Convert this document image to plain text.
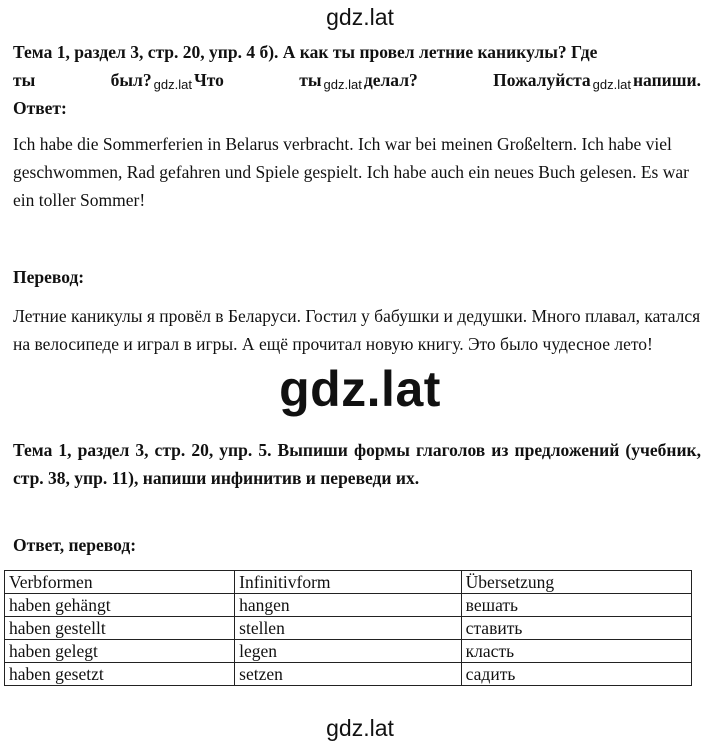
gdz.lat
Тема 1, раздел 3, стр. 20, упр. 4 б). А как ты провел летние каникулы? Где
ты	был? gdz.lat Что	ты gdz.lat делал?	Пожалуйста gdz.lat напиши.
Ответ:
Ich habe die Sommerferien in Belarus verbracht. Ich war bei meinen Großeltern. Ich habe viel geschwommen, Rad gefahren und Spiele gespielt. Ich habe auch ein neues Buch gelesen. Es war ein toller Sommer!
Перевод:
Летние каникулы я провёл в Беларуси. Гостил у бабушки и дедушки. Много плавал, катался на велосипеде и играл в игры. А ещё прочитал новую книгу. Это было чудесное лето!
gdz.lat
Тема 1, раздел 3, стр. 20, упр. 5. Выпиши формы глаголов из предложений (учебник, стр. 38, упр. 11), напиши инфинитив и переведи их.
Ответ, перевод:
Verbformen	Infinitivform	Übersetzung
haben gehängt	hangen	вешать
haben gestellt	stellen	ставить
haben gelegt	legen	класть
haben gesetzt	setzen	садить
gdz.lat
